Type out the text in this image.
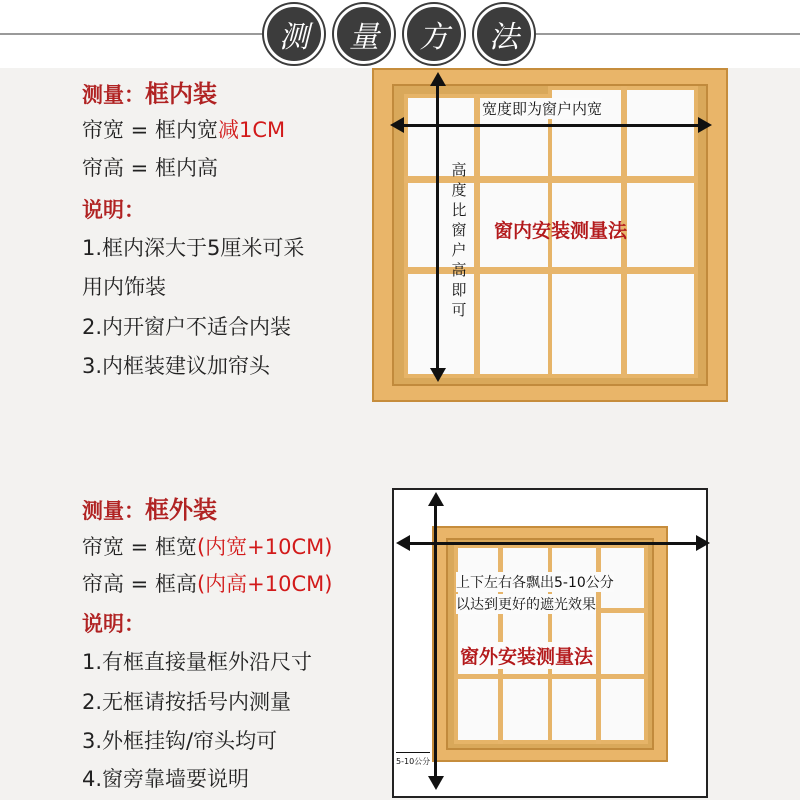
测	量	方	法
测量：框内装
帘宽 = 框内宽减1CM
帘高 = 框内高
说明：
1.框内深大于5厘米可采
用内饰装
2.内开窗户不适合内装
3.内框装建议加帘头
宽度即为窗户内宽
高度比窗户高即可
窗内安装测量法
测量：框外装
帘宽 = 框宽(内宽+10CM)
帘高 = 框高(内高+10CM)
说明：
1.有框直接量框外沿尺寸
2.无框请按括号内测量
3.外框挂钩/帘头均可
4.窗旁靠墙要说明
上下左右各飘出5-10公分
以达到更好的遮光效果
窗外安装测量法
5-10公分
